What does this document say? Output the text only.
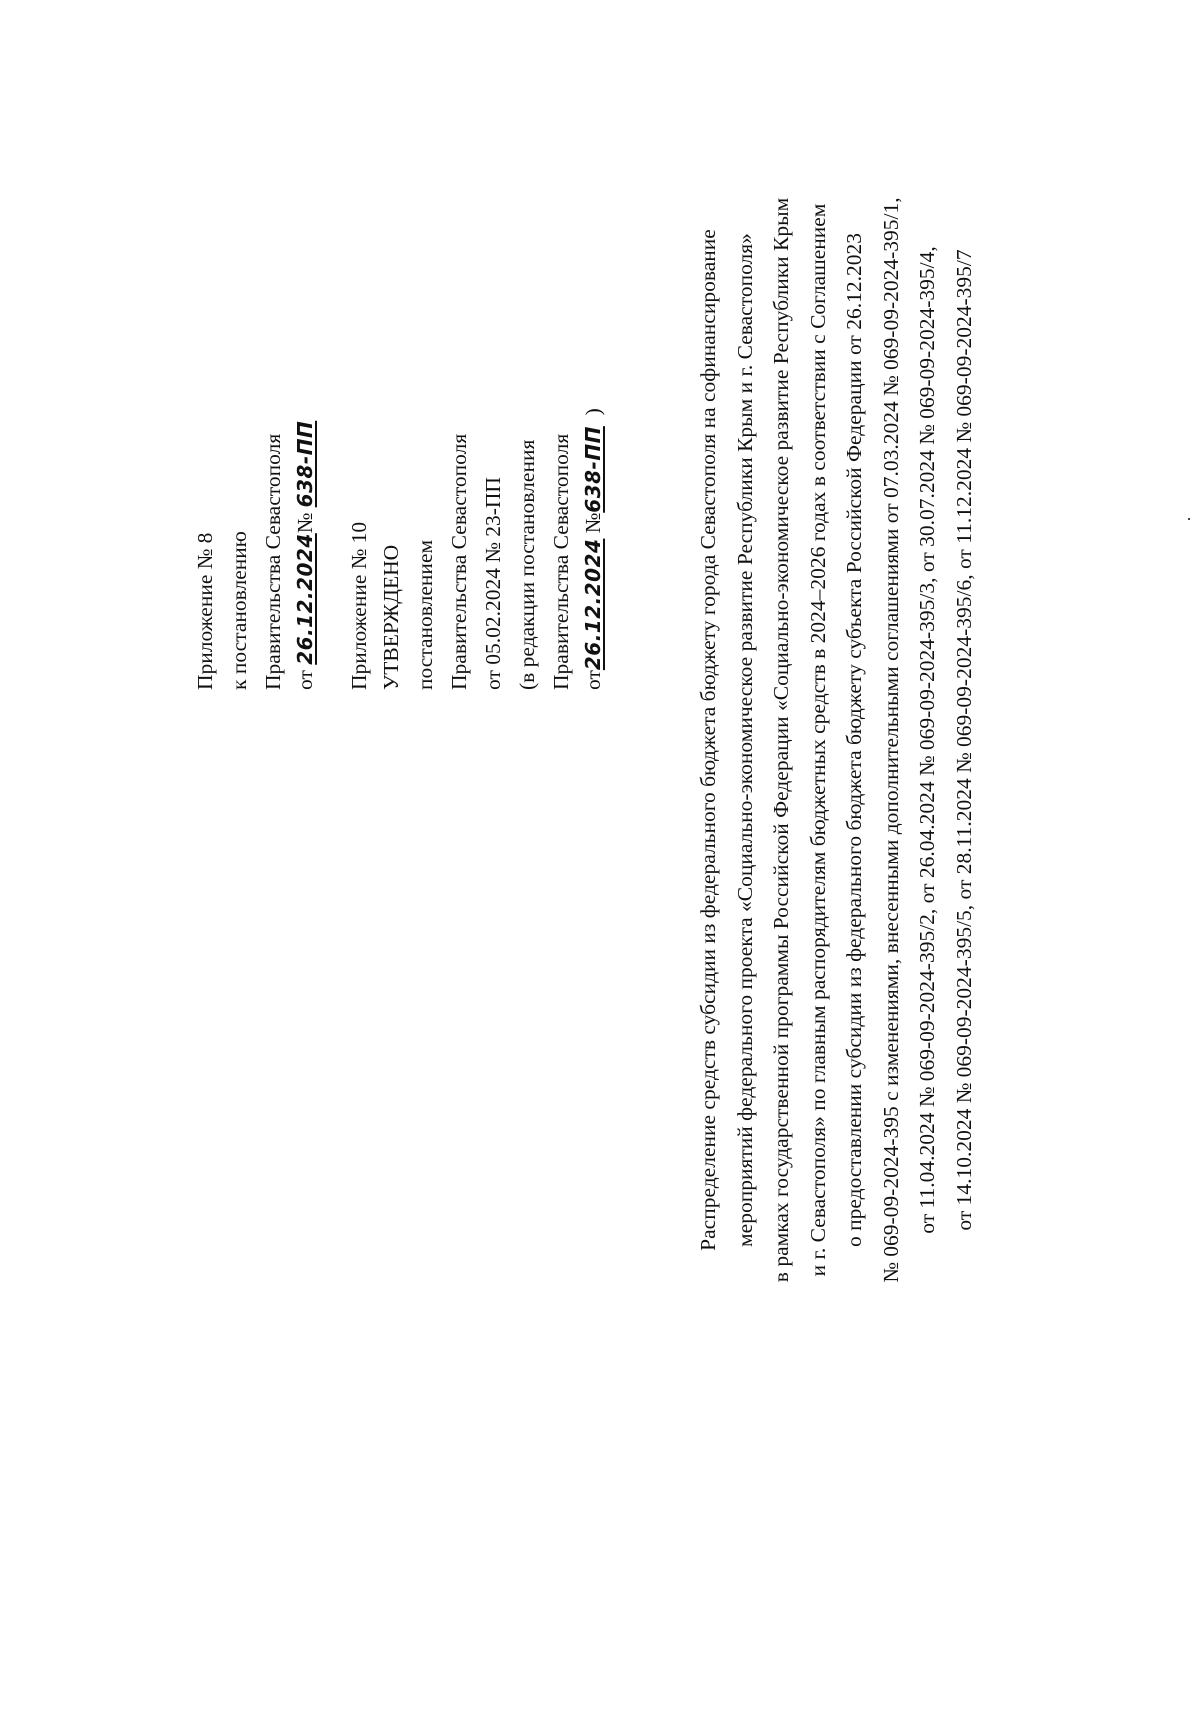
Приложение № 8 к постановлению Правительства Севастополя от 26.12.2024№ 638-ПП
Приложение № 10 УТВЕРЖДЕНО постановлением Правительства Севастополя от 05.02.2024 № 23-ПП (в редакции постановления Правительства Севастополя от26.12.2024 №638-ПП  )	Распределение средств субсидии из федерального бюджета бюджету города Севастополя на софинансирование мероприятий федерального проекта «Социально-экономическое развитие Республики Крым и г. Севастополя» в рамках государственной программы Российской Федерации «Социально-экономическое развитие Республики Крым и г. Севастополя» по главным распорядителям бюджетных средств в 2024–2026 годах в соответствии с Соглашением о предоставлении субсидии из федерального бюджета бюджету субъекта Российской Федерации от 26.12.2023 № 069-09-2024-395 с изменениями, внесенными дополнительными соглашениями от 07.03.2024 № 069-09-2024-395/1, от 11.04.2024 № 069-09-2024-395/2, от 26.04.2024 № 069-09-2024-395/3, от 30.07.2024 № 069-09-2024-395/4, от 14.10.2024 № 069-09-2024-395/5, от 28.11.2024 № 069-09-2024-395/6, от 11.12.2024 № 069-09-2024-395/7
